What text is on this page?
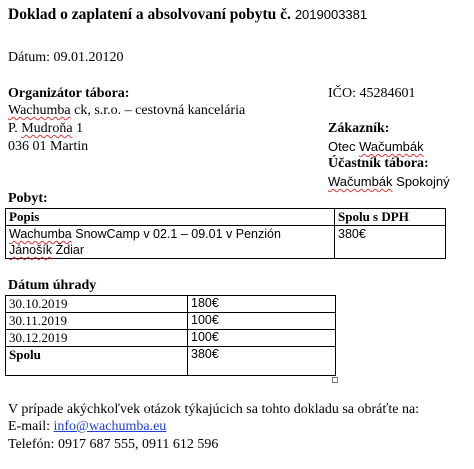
Doklad o zaplatení a absolvovaní pobytu č. 2019003381
Dátum: 09.01.20120
Organizátor tábora:
Wachumba ck, s.r.o. – cestovná kancelária
P. Mudroňa 1
036 01 Martin
IČO: 45284601
Zákazník:
Otec Wačumbák
Účastník tábora:
Wačumbák Spokojný
Pobyt:
Popis	Spolu s DPH
Wachumba SnowCamp v 02.1 – 09.01 v Penzión
Jánošík Ždiar	380€
Dátum úhrady
30.10.2019	180€
30.11.2019	100€
30.12.2019	100€
Spolu	380€
V prípade akýchkoľvek otázok týkajúcich sa tohto dokladu sa obráťte na:
E-mail: info@wachumba.eu
Telefón: 0917 687 555, 0911 612 596
